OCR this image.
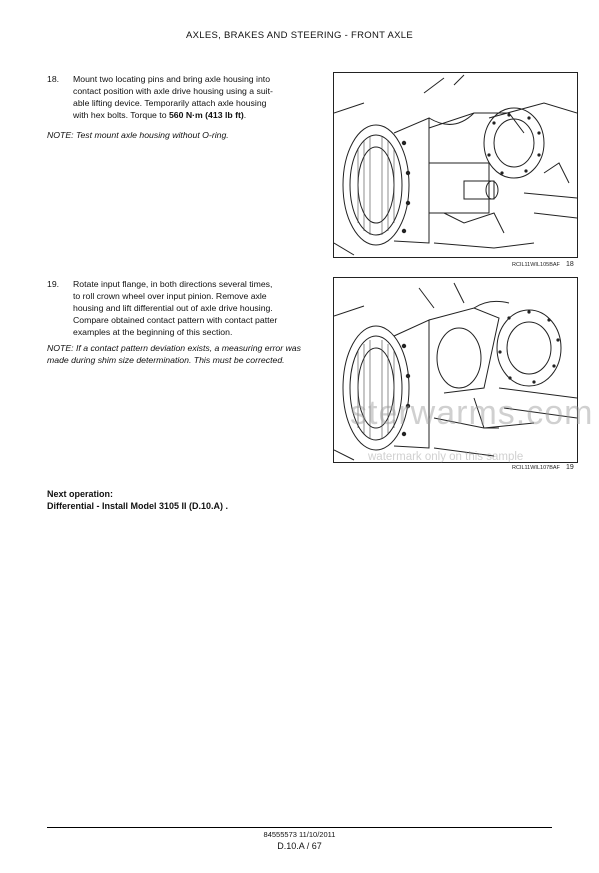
AXLES, BRAKES AND STEERING - FRONT AXLE
18. Mount two locating pins and bring axle housing into
contact position with axle drive housing using a suit-
able lifting device. Temporarily attach axle housing
with hex bolts. Torque to 560 N·m (413 lb ft).
NOTE: Test mount axle housing without O-ring.
RCIL11WIL105BAF 18
19. Rotate input flange, in both directions several times,
to roll crown wheel over input pinion. Remove axle
housing and lift differential out of axle drive housing.
Compare obtained contact pattern with contact patter
examples at the beginning of this section.
NOTE: If a contact pattern deviation exists, a measuring error was made during shim size determination. This must be corrected.
RCIL11WIL107BAF 19
sterwarms.com
watermark only on this sample
Next operation:
Differential - Install Model 3105 II (D.10.A) .
84555573 11/10/2011
D.10.A / 67
